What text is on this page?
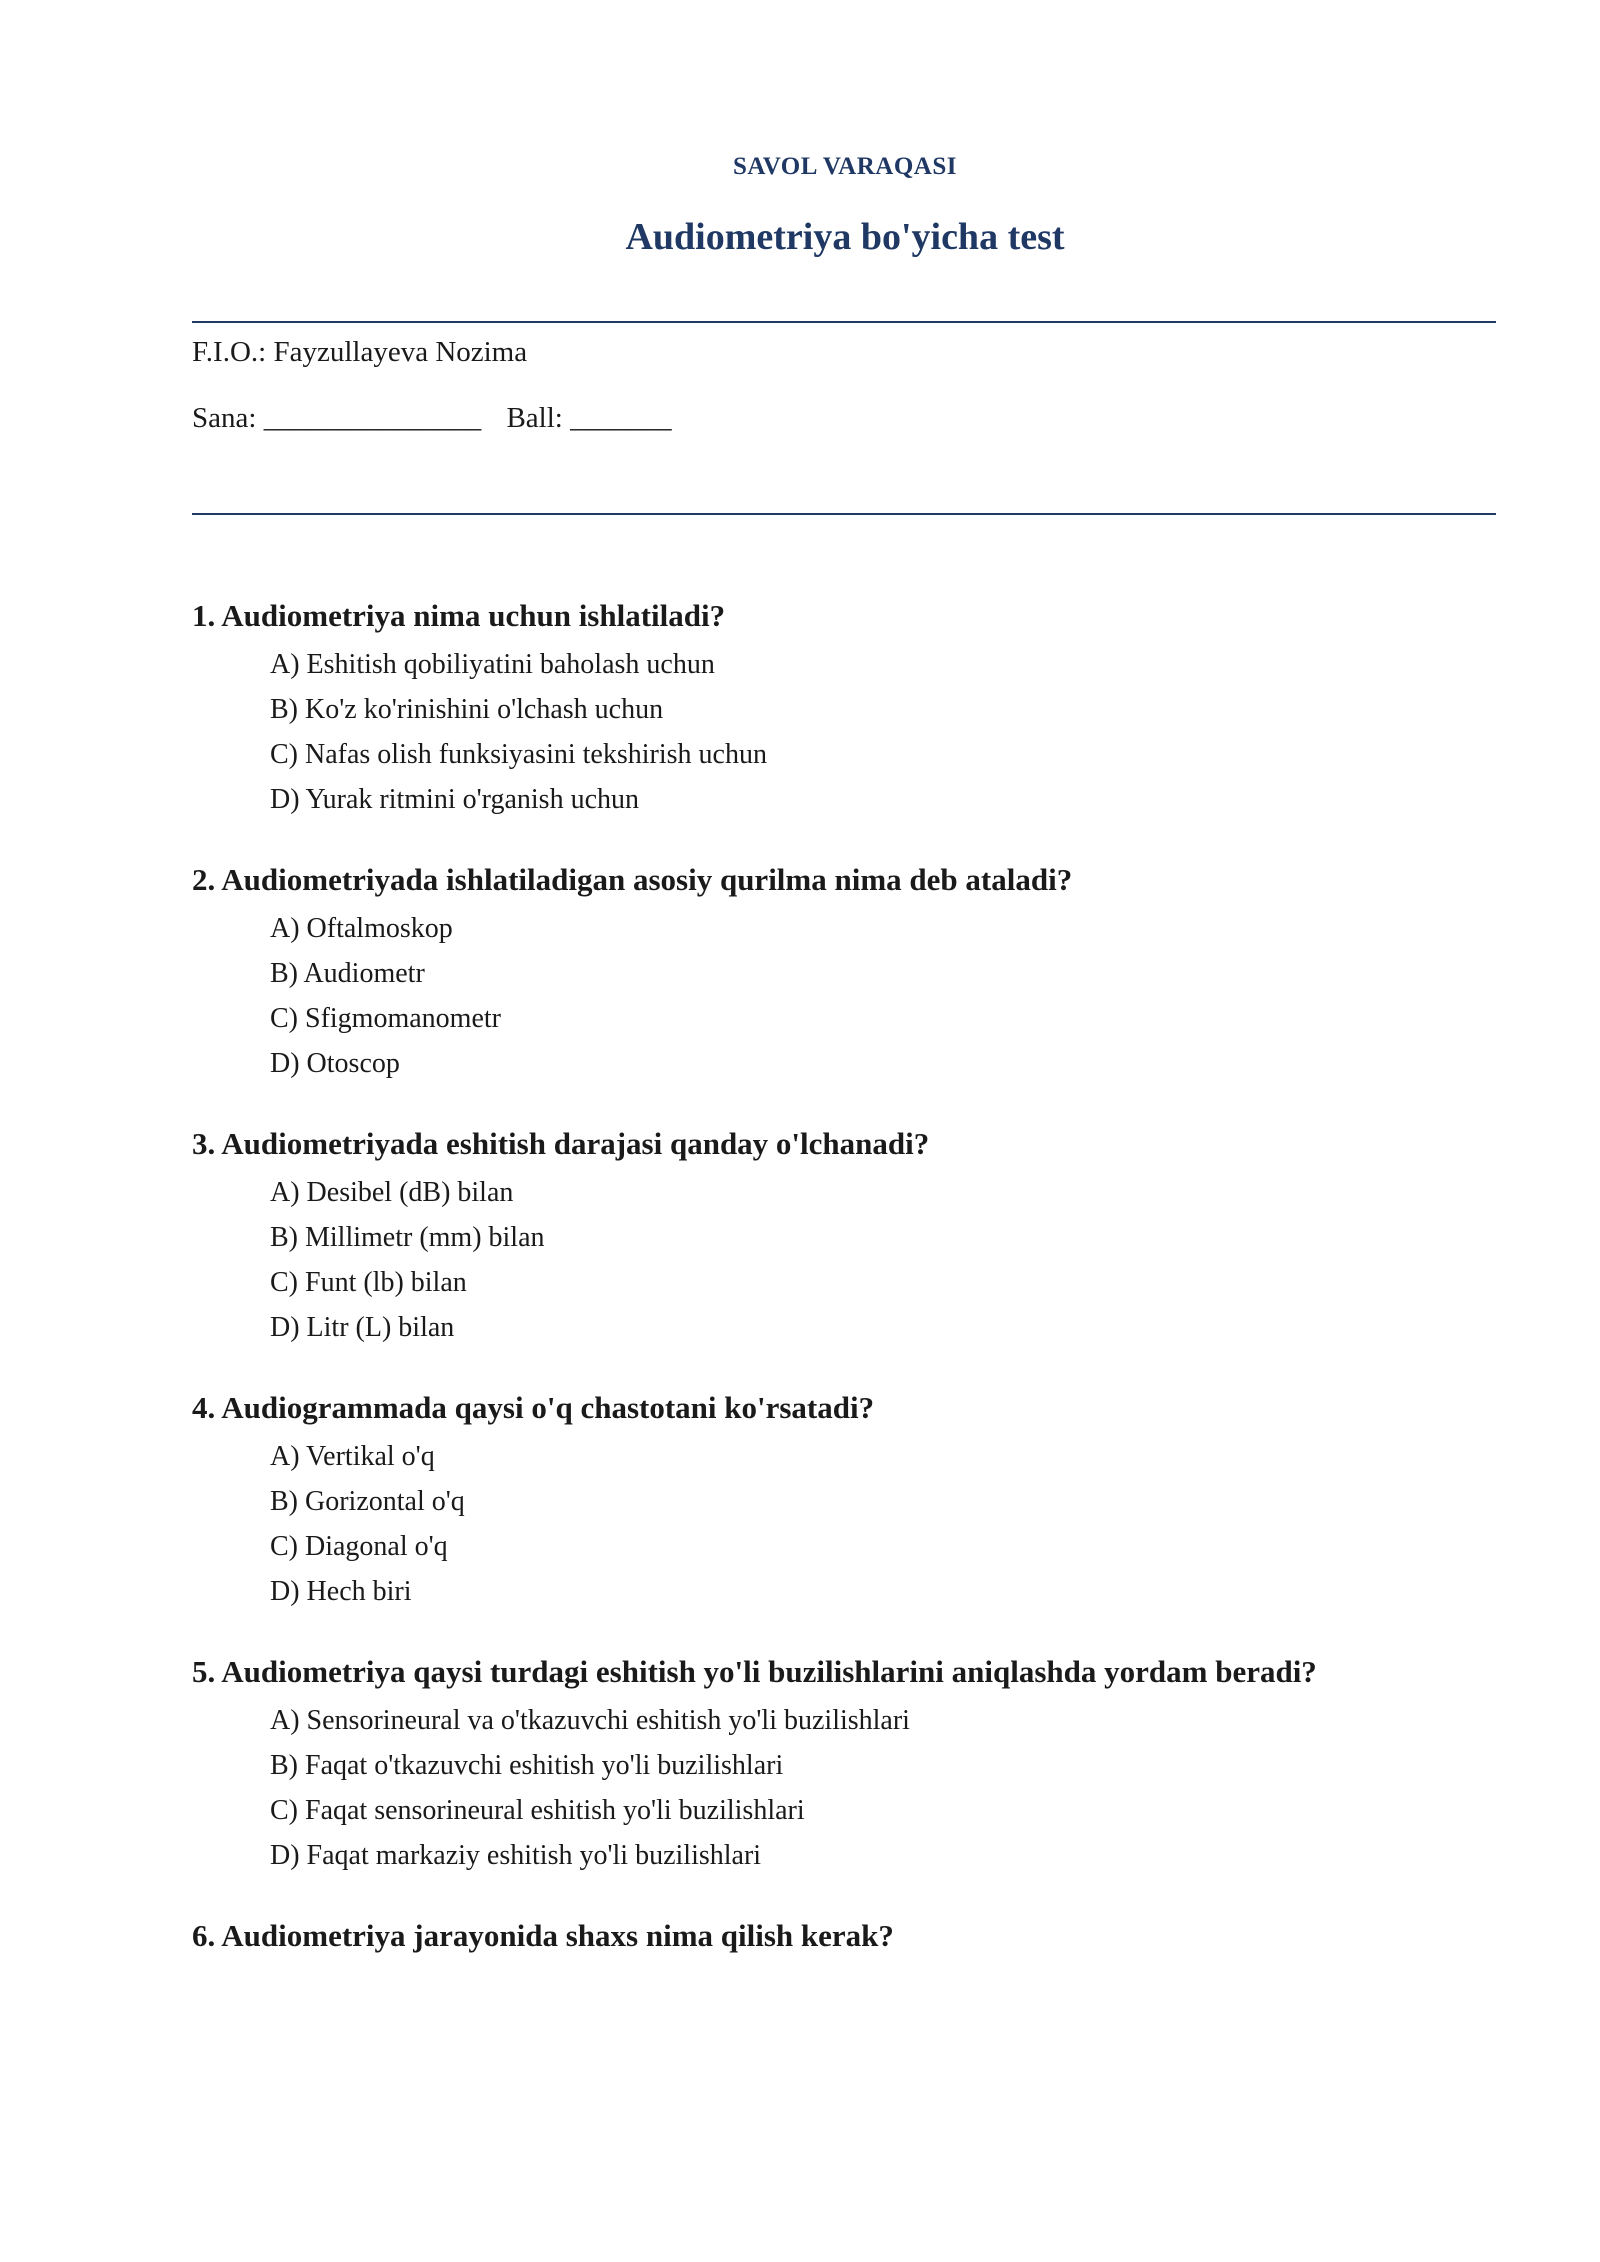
SAVOL VARAQASI
Audiometriya bo'yicha test
F.I.O.: Fayzullayeva Nozima
Sana: _______________ Ball: _______
1. Audiometriya nima uchun ishlatiladi?
A) Eshitish qobiliyatini baholash uchun
B) Ko'z ko'rinishini o'lchash uchun
C) Nafas olish funksiyasini tekshirish uchun
D) Yurak ritmini o'rganish uchun
2. Audiometriyada ishlatiladigan asosiy qurilma nima deb ataladi?
A) Oftalmoskop
B) Audiometr
C) Sfigmomanometr
D) Otoscop
3. Audiometriyada eshitish darajasi qanday o'lchanadi?
A) Desibel (dB) bilan
B) Millimetr (mm) bilan
C) Funt (lb) bilan
D) Litr (L) bilan
4. Audiogrammada qaysi o'q chastotani ko'rsatadi?
A) Vertikal o'q
B) Gorizontal o'q
C) Diagonal o'q
D) Hech biri
5. Audiometriya qaysi turdagi eshitish yo'li buzilishlarini aniqlashda yordam beradi?
A) Sensorineural va o'tkazuvchi eshitish yo'li buzilishlari
B) Faqat o'tkazuvchi eshitish yo'li buzilishlari
C) Faqat sensorineural eshitish yo'li buzilishlari
D) Faqat markaziy eshitish yo'li buzilishlari
6. Audiometriya jarayonida shaxs nima qilish kerak?
